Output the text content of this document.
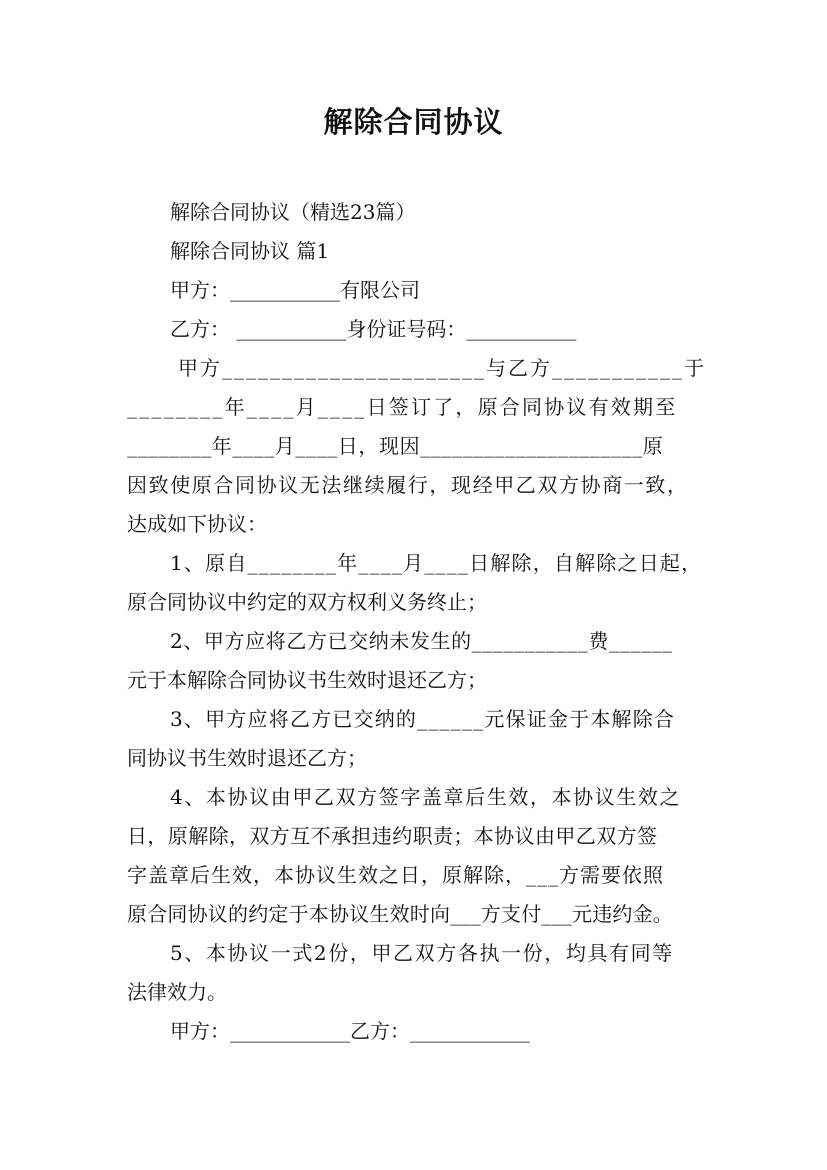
解除合同协议
解除合同协议（精选23篇）
解除合同协议 篇1
甲方：___________有限公司
乙方： ___________身份证号码：___________
甲方______________________与乙方___________于
________年____月____日签订了，原合同协议有效期至
________年____月____日，现因_____________________原
因致使原合同协议无法继续履行，现经甲乙双方协商一致，
达成如下协议：
1、原自________年____月____日解除，自解除之日起，
原合同协议中约定的双方权利义务终止；
2、甲方应将乙方已交纳未发生的___________费______
元于本解除合同协议书生效时退还乙方；
3、甲方应将乙方已交纳的______元保证金于本解除合
同协议书生效时退还乙方；
4、本协议由甲乙双方签字盖章后生效，本协议生效之
日，原解除，双方互不承担违约职责；本协议由甲乙双方签
字盖章后生效，本协议生效之日，原解除，___方需要依照
原合同协议的约定于本协议生效时向___方支付___元违约金。
5、本协议一式2份，甲乙双方各执一份，均具有同等
法律效力。
甲方：____________乙方：____________
